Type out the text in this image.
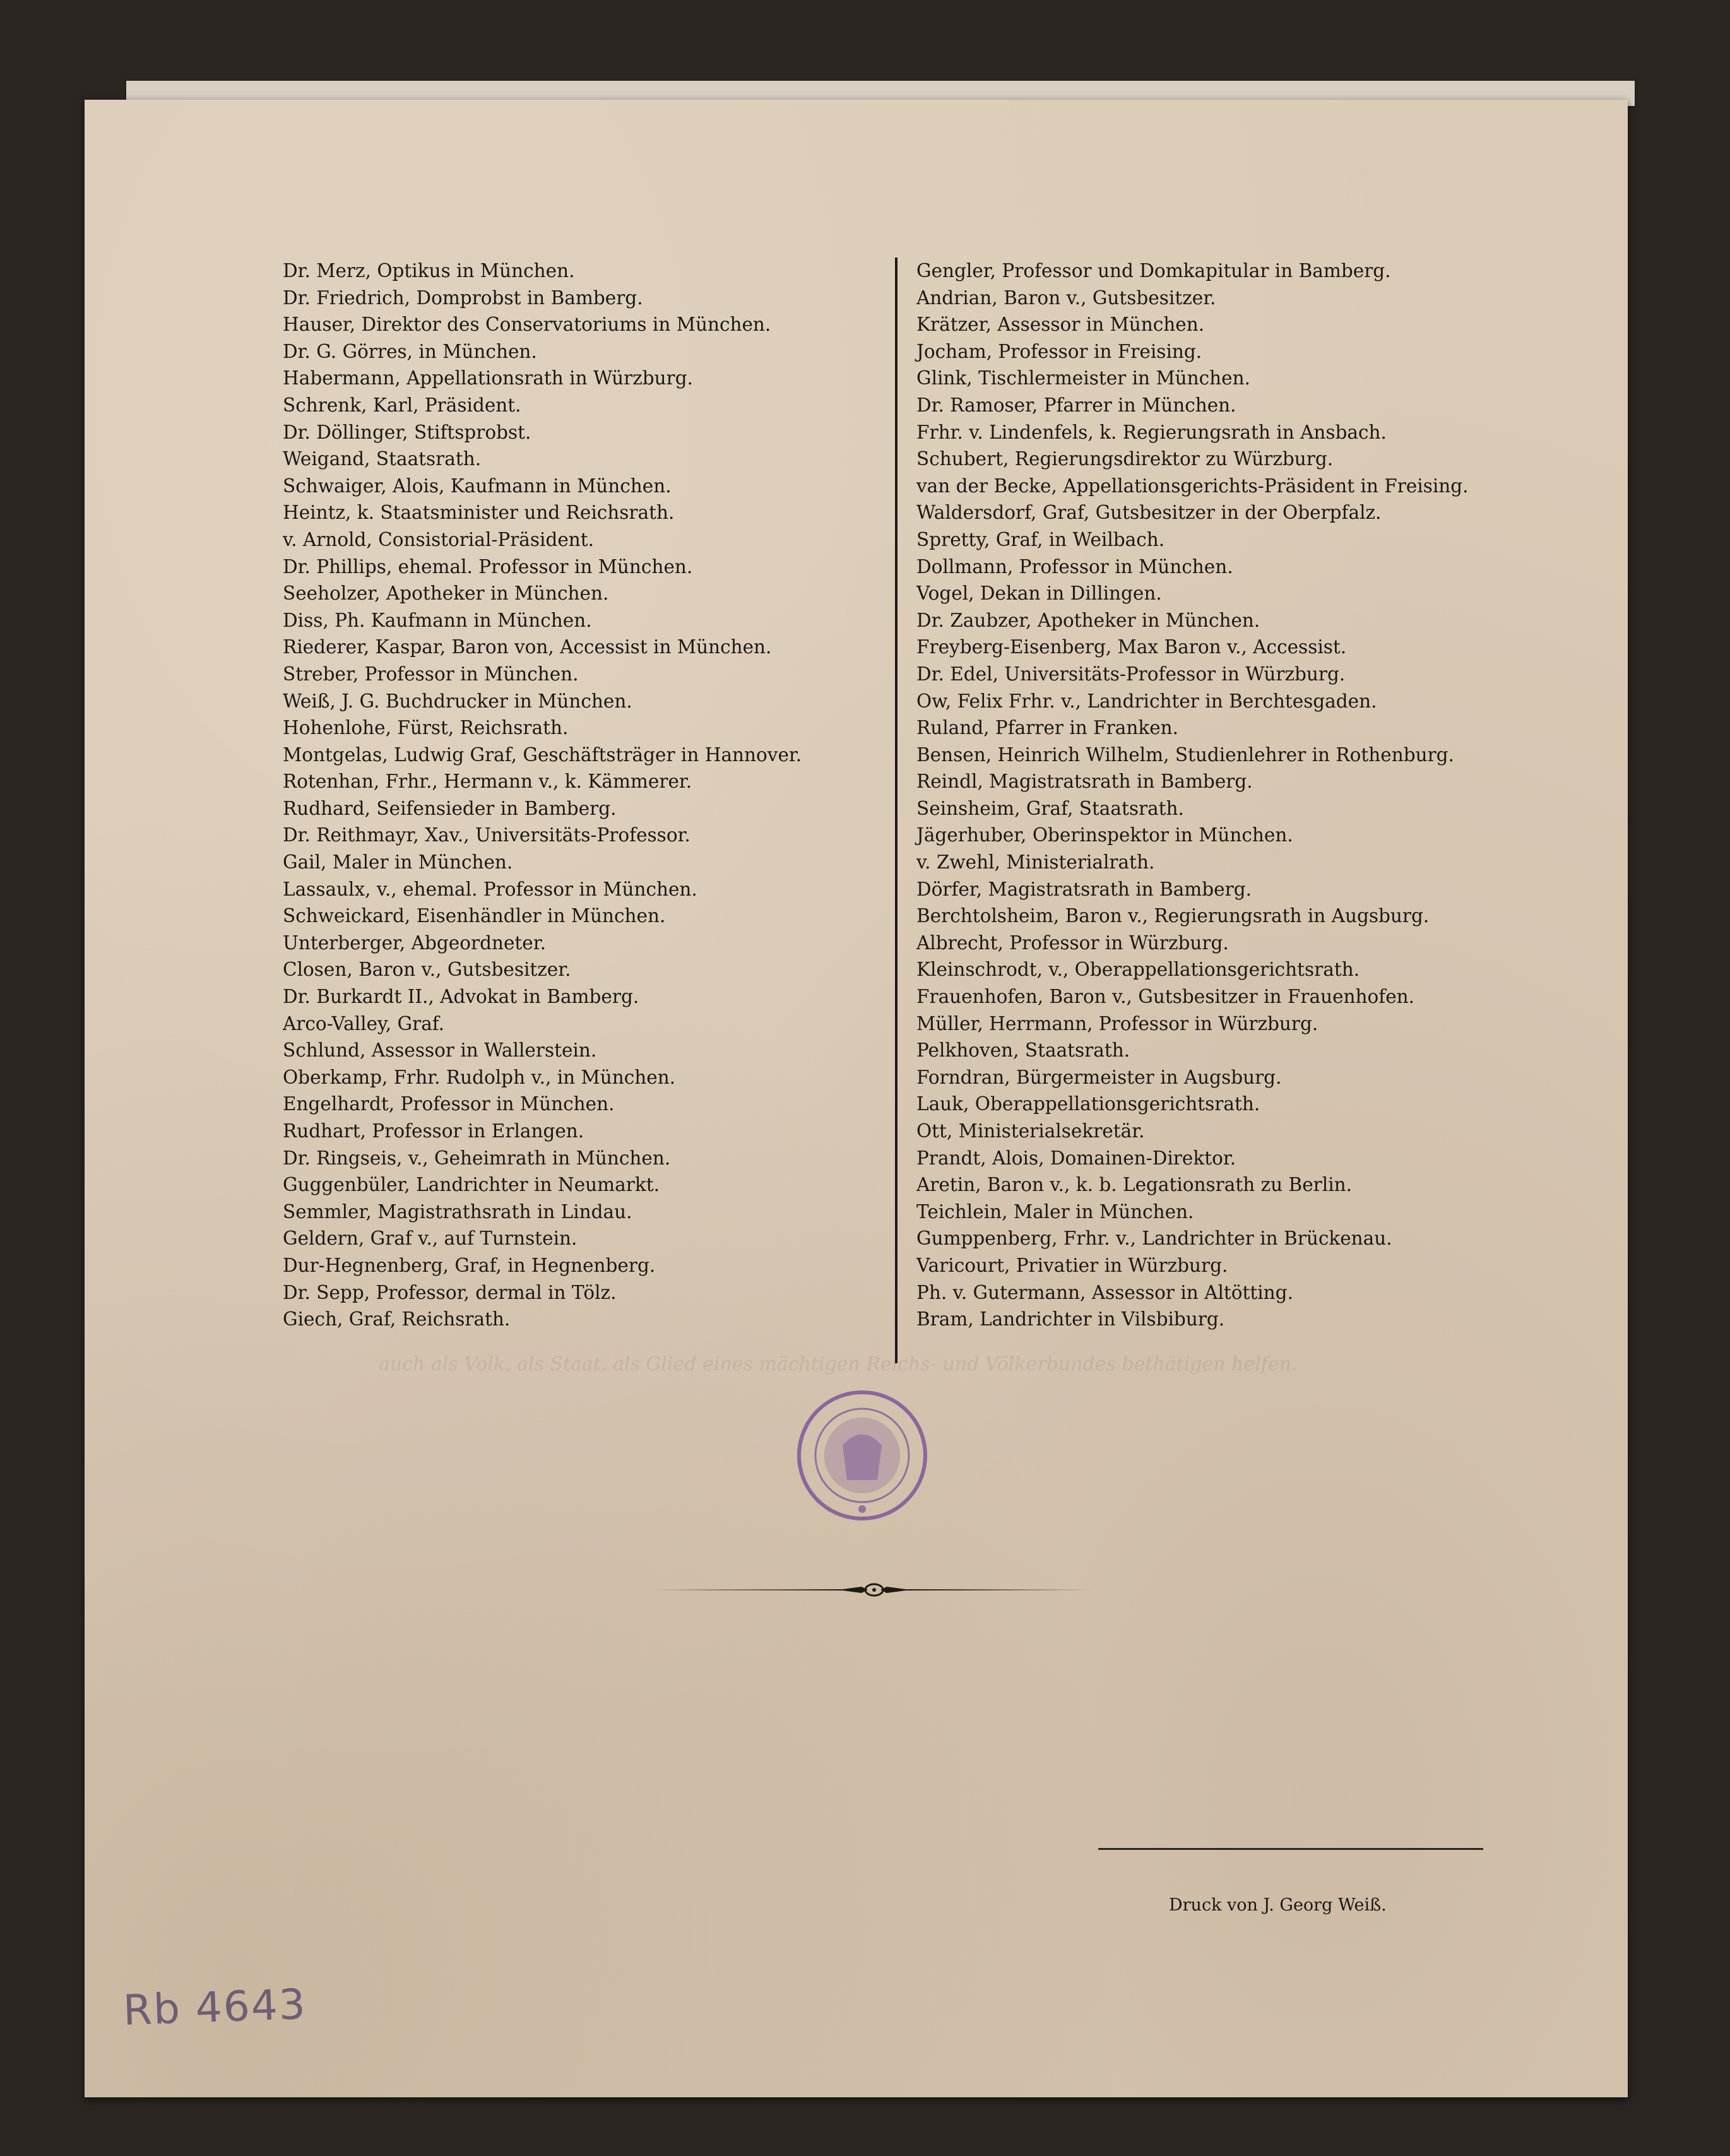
Dr. Merz, Optikus in München.
Dr. Friedrich, Domprobst in Bamberg.
Hauser, Direktor des Conservatoriums in München.
Dr. G. Görres, in München.
Habermann, Appellationsrath in Würzburg.
Schrenk, Karl, Präsident.
Dr. Döllinger, Stiftsprobst.
Weigand, Staatsrath.
Schwaiger, Alois, Kaufmann in München.
Heintz, k. Staatsminister und Reichsrath.
v. Arnold, Consistorial-Präsident.
Dr. Phillips, ehemal. Professor in München.
Seeholzer, Apotheker in München.
Diss, Ph. Kaufmann in München.
Riederer, Kaspar, Baron von, Accessist in München.
Streber, Professor in München.
Weiß, J. G. Buchdrucker in München.
Hohenlohe, Fürst, Reichsrath.
Montgelas, Ludwig Graf, Geschäftsträger in Hannover.
Rotenhan, Frhr., Hermann v., k. Kämmerer.
Rudhard, Seifensieder in Bamberg.
Dr. Reithmayr, Xav., Universitäts-Professor.
Gail, Maler in München.
Lassaulx, v., ehemal. Professor in München.
Schweickard, Eisenhändler in München.
Unterberger, Abgeordneter.
Closen, Baron v., Gutsbesitzer.
Dr. Burkardt II., Advokat in Bamberg.
Arco-Valley, Graf.
Schlund, Assessor in Wallerstein.
Oberkamp, Frhr. Rudolph v., in München.
Engelhardt, Professor in München.
Rudhart, Professor in Erlangen.
Dr. Ringseis, v., Geheimrath in München.
Guggenbüler, Landrichter in Neumarkt.
Semmler, Magistrathsrath in Lindau.
Geldern, Graf v., auf Turnstein.
Dur-Hegnenberg, Graf, in Hegnenberg.
Dr. Sepp, Professor, dermal in Tölz.
Giech, Graf, Reichsrath.
Gengler, Professor und Domkapitular in Bamberg.
Andrian, Baron v., Gutsbesitzer.
Krätzer, Assessor in München.
Jocham, Professor in Freising.
Glink, Tischlermeister in München.
Dr. Ramoser, Pfarrer in München.
Frhr. v. Lindenfels, k. Regierungsrath in Ansbach.
Schubert, Regierungsdirektor zu Würzburg.
van der Becke, Appellationsgerichts-Präsident in Freising.
Waldersdorf, Graf, Gutsbesitzer in der Oberpfalz.
Spretty, Graf, in Weilbach.
Dollmann, Professor in München.
Vogel, Dekan in Dillingen.
Dr. Zaubzer, Apotheker in München.
Freyberg-Eisenberg, Max Baron v., Accessist.
Dr. Edel, Universitäts-Professor in Würzburg.
Ow, Felix Frhr. v., Landrichter in Berchtesgaden.
Ruland, Pfarrer in Franken.
Bensen, Heinrich Wilhelm, Studienlehrer in Rothenburg.
Reindl, Magistratsrath in Bamberg.
Seinsheim, Graf, Staatsrath.
Jägerhuber, Oberinspektor in München.
v. Zwehl, Ministerialrath.
Dörfer, Magistratsrath in Bamberg.
Berchtolsheim, Baron v., Regierungsrath in Augsburg.
Albrecht, Professor in Würzburg.
Kleinschrodt, v., Oberappellationsgerichtsrath.
Frauenhofen, Baron v., Gutsbesitzer in Frauenhofen.
Müller, Herrmann, Professor in Würzburg.
Pelkhoven, Staatsrath.
Forndran, Bürgermeister in Augsburg.
Lauk, Oberappellationsgerichtsrath.
Ott, Ministerialsekretär.
Prandt, Alois, Domainen-Direktor.
Aretin, Baron v., k. b. Legationsrath zu Berlin.
Teichlein, Maler in München.
Gumppenberg, Frhr. v., Landrichter in Brückenau.
Varicourt, Privatier in Würzburg.
Ph. v. Gutermann, Assessor in Altötting.
Bram, Landrichter in Vilsbiburg.
Druck von J. Georg Weiß.
Rb 4643
